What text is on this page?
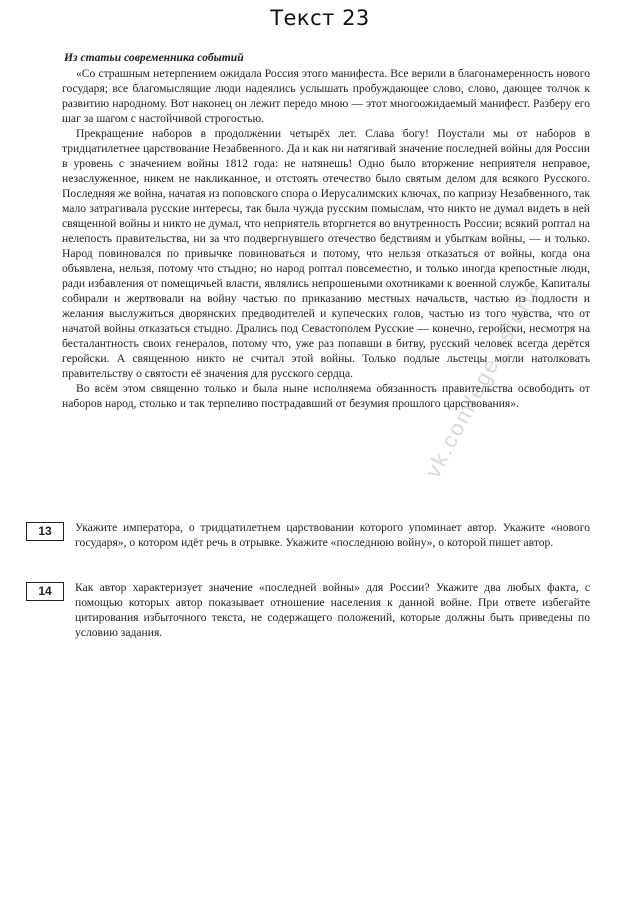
Текст 23

Из статьи современника событий

«Со страшным нетерпением ожидала Россия этого манифеста. Все верили в благонамеренность нового государя; все благомыслящие люди надеялись услышать пробуждающее слово, слово, дающее толчок к развитию народному. Вот наконец он лежит передо мною — этот многоожидаемый манифест. Разберу его шаг за шагом с настойчивой строгостью.

Прекращение наборов в продолжении четырёх лет. Слава богу! Поустали мы от наборов в тридцатилетнее царствование Незабвенного. Да и как ни натягивай значение последней войны для России в уровень с значением войны 1812 года: не натянешь! Одно было вторжение неприятеля неправое, незаслуженное, никем не накликанное, и отстоять отечество было святым делом для всякого Русского. Последняя же война, начатая из поповского спора о Иерусалимских ключах, по капризу Незабвенного, так мало затрагивала русские интересы, так была чужда русским помыслам, что никто не думал видеть в ней священной войны и никто не думал, что неприятель вторгнется во внутренность России; всякий роптал на нелепость правительства, ни за что подвергнувшего отечество бедствиям и убыткам войны, — и только. Народ повиновался по привычке повиноваться и потому, что нельзя отказаться от войны, когда она объявлена, нельзя, потому что стыдно; но народ роптал повсеместно, и только иногда крепостные люди, ради избавления от помещичьей власти, являлись непрошеными охотниками к военной службе. Капиталы собирали и жертвовали на войну частью по приказанию местных начальств, частью из подлости и желания выслужиться дворянских предводителей и купеческих голов, частью из того чувства, что от начатой войны отказаться стыдно. Дрались под Севастополем Русские — конечно, геройски, несмотря на бесталантность своих генералов, потому что, уже раз попавши в битву, русский человек всегда дерётся геройски. А священною никто не считал этой войны. Только подлые льстецы могли натолковать правительству о святости её значения для русского сердца.

Во всём этом священно только и была ныне исполняема обязанность правительства освободить от наборов народ, столько и так терпеливо пострадавший от безумия прошлого царствования».

13	Укажите императора, о тридцатилетнем царствовании которого упоминает автор. Укажите «нового государя», о котором идёт речь в отрывке. Укажите «последнюю войну», о которой пишет автор.

14	Как автор характеризует значение «последней войны» для России? Укажите два любых факта, с помощью которых автор показывает отношение населения к данной войне. При ответе избегайте цитирования избыточного текста, не содержащего положений, которые должны быть приведены по условию задания.

vk.com/ege_istoria
